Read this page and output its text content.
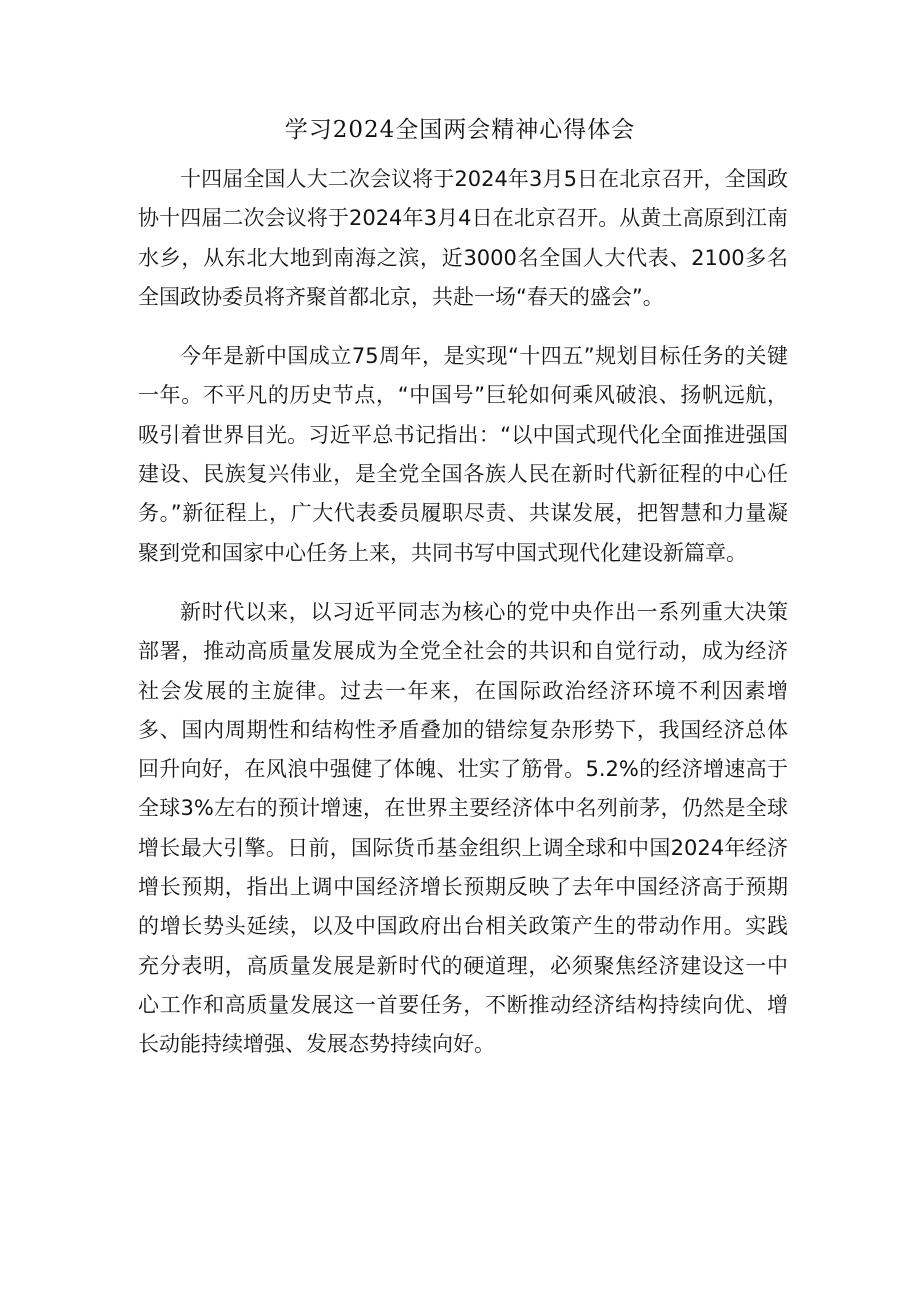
学习2024全国两会精神心得体会

十四届全国人大二次会议将于2024年3月5日在北京召开，全国政协十四届二次会议将于2024年3月4日在北京召开。从黄土高原到江南水乡，从东北大地到南海之滨，近3000名全国人大代表、2100多名全国政协委员将齐聚首都北京，共赴一场“春天的盛会”。

今年是新中国成立75周年，是实现“十四五”规划目标任务的关键一年。不平凡的历史节点，“中国号”巨轮如何乘风破浪、扬帆远航，吸引着世界目光。习近平总书记指出：“以中国式现代化全面推进强国建设、民族复兴伟业，是全党全国各族人民在新时代新征程的中心任务。”新征程上，广大代表委员履职尽责、共谋发展，把智慧和力量凝聚到党和国家中心任务上来，共同书写中国式现代化建设新篇章。

新时代以来，以习近平同志为核心的党中央作出一系列重大决策部署，推动高质量发展成为全党全社会的共识和自觉行动，成为经济社会发展的主旋律。过去一年来，在国际政治经济环境不利因素增多、国内周期性和结构性矛盾叠加的错综复杂形势下，我国经济总体回升向好，在风浪中强健了体魄、壮实了筋骨。5.2%的经济增速高于全球3%左右的预计增速，在世界主要经济体中名列前茅，仍然是全球增长最大引擎。日前，国际货币基金组织上调全球和中国2024年经济增长预期，指出上调中国经济增长预期反映了去年中国经济高于预期的增长势头延续，以及中国政府出台相关政策产生的带动作用。实践充分表明，高质量发展是新时代的硬道理，必须聚焦经济建设这一中心工作和高质量发展这一首要任务，不断推动经济结构持续向优、增长动能持续增强、发展态势持续向好。
